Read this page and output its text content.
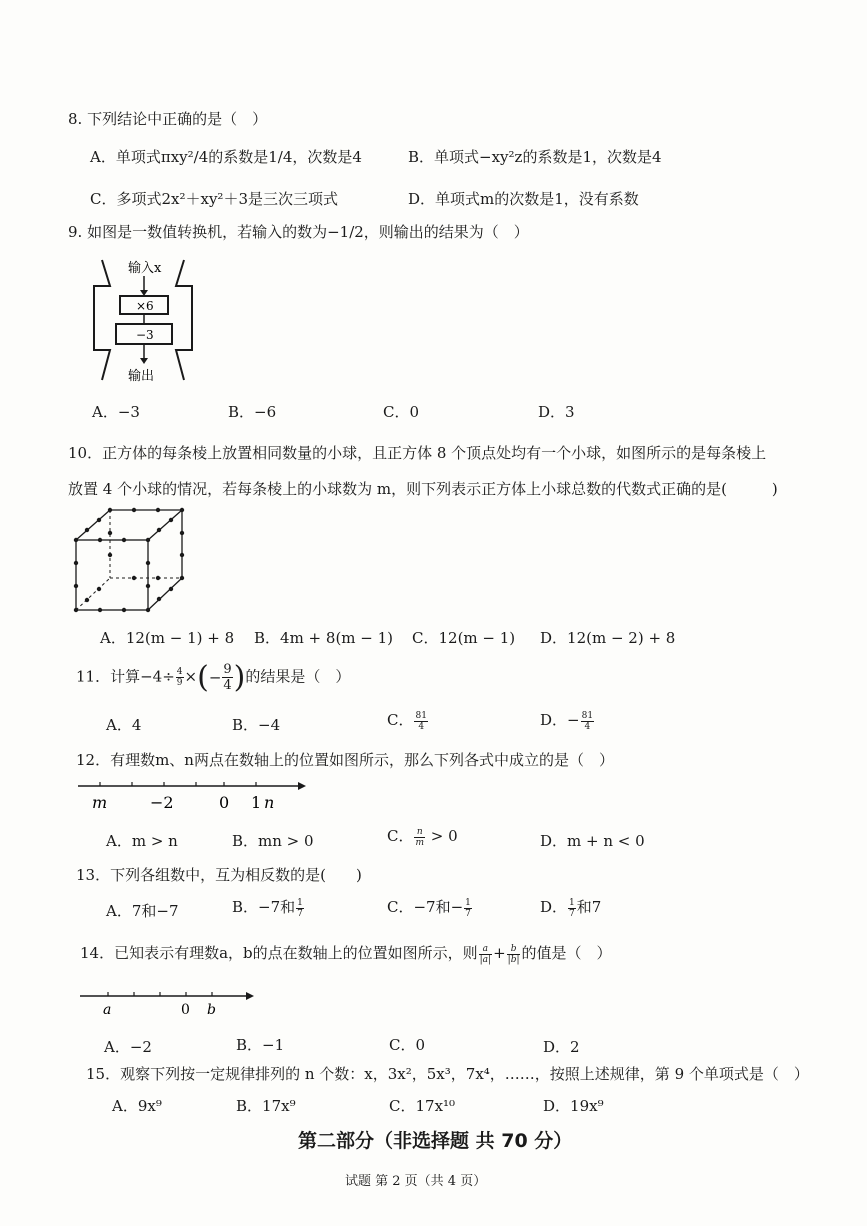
8. 下列结论中正确的是（　）
A．单项式πxy²/4的系数是1/4，次数是4	B．单项式−xy²z的系数是1，次数是4
C．多项式2x²＋xy²＋3是三次三项式	D．单项式m的次数是1，没有系数
9. 如图是一数值转换机，若输入的数为−1/2，则输出的结果为（　）
输入x
×6
−3
输出
A．−3	B．−6	C．0	D．3
10．正方体的每条棱上放置相同数量的小球，且正方体 8 个顶点处均有一个小球，如图所示的是每条棱上
放置 4 个小球的情况，若每条棱上的小球数为 m，则下列表示正方体上小球总数的代数式正确的是(　　　)
A．12(m − 1) + 8 B．4m + 8(m − 1) C．12(m − 1) D．12(m − 2) + 8
11．计算$-4\div \frac{4}{9}$ ×(− $\frac{9}{4}$ )的结果是（　）
A．4	B．−4	C． $\frac{81}{4}$	D．− $\frac{81}{4}$
12．有理数m、n两点在数轴上的位置如图所示，那么下列各式中成立的是（　）
m	−2	0 1 n
A．m > n	B．mn > 0	C． $\frac{n}{m} > 0$	D．m + n < 0
13．下列各组数中，互为相反数的是(　　)
A．7和−7	B．−7和 $\frac{1}{7}$	C．−7和− $\frac{1}{7}$	D． $\frac{1}{7}$ 和7
14．已知表示有理数a，b的点在数轴上的位置如图所示，则 $\frac{a}{|a|} + \frac{b}{|b|}$ 的值是（　）
a	0 b
A．−2	B．−1	C．0	D．2
15．观察下列按一定规律排列的 n 个数：x，3x²，5x³，7x⁴，……，按照上述规律，第 9 个单项式是（　）
A．9x⁹	B．17x⁹	C．17x¹⁰	D．19x⁹
第二部分（非选择题 共 70 分）
试题 第 2 页（共 4 页）
